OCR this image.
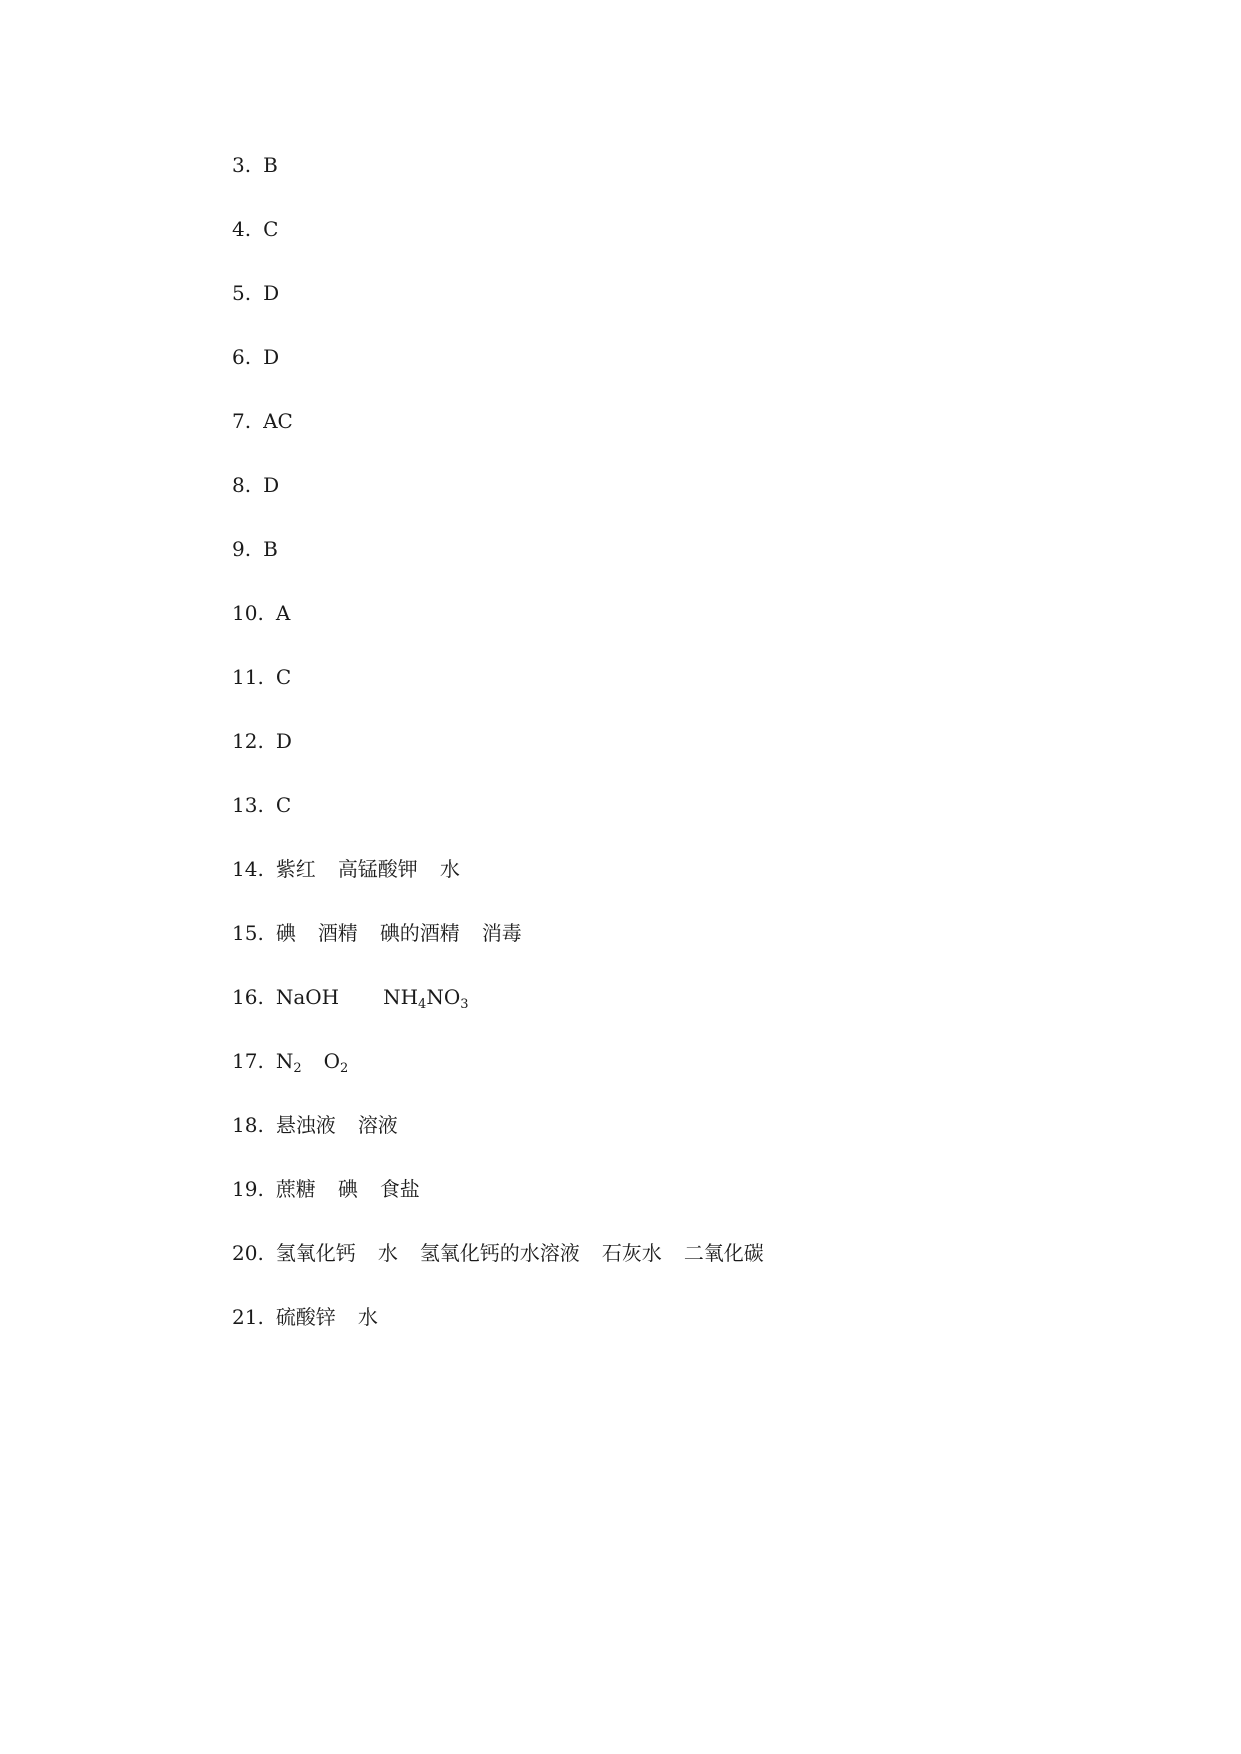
3. B
4. C
5. D
6. D
7. AC
8. D
9. B
10. A
11. C
12. D
13. C
14. 紫红 高锰酸钾 水
15. 碘 酒精 碘的酒精 消毒
16. NaOH $NH_4NO_3$
17. $N_2$ $O_2$
18. 悬浊液 溶液
19. 蔗糖 碘 食盐
20. 氢氧化钙 水 氢氧化钙的水溶液 石灰水 二氧化碳
21. 硫酸锌 水
